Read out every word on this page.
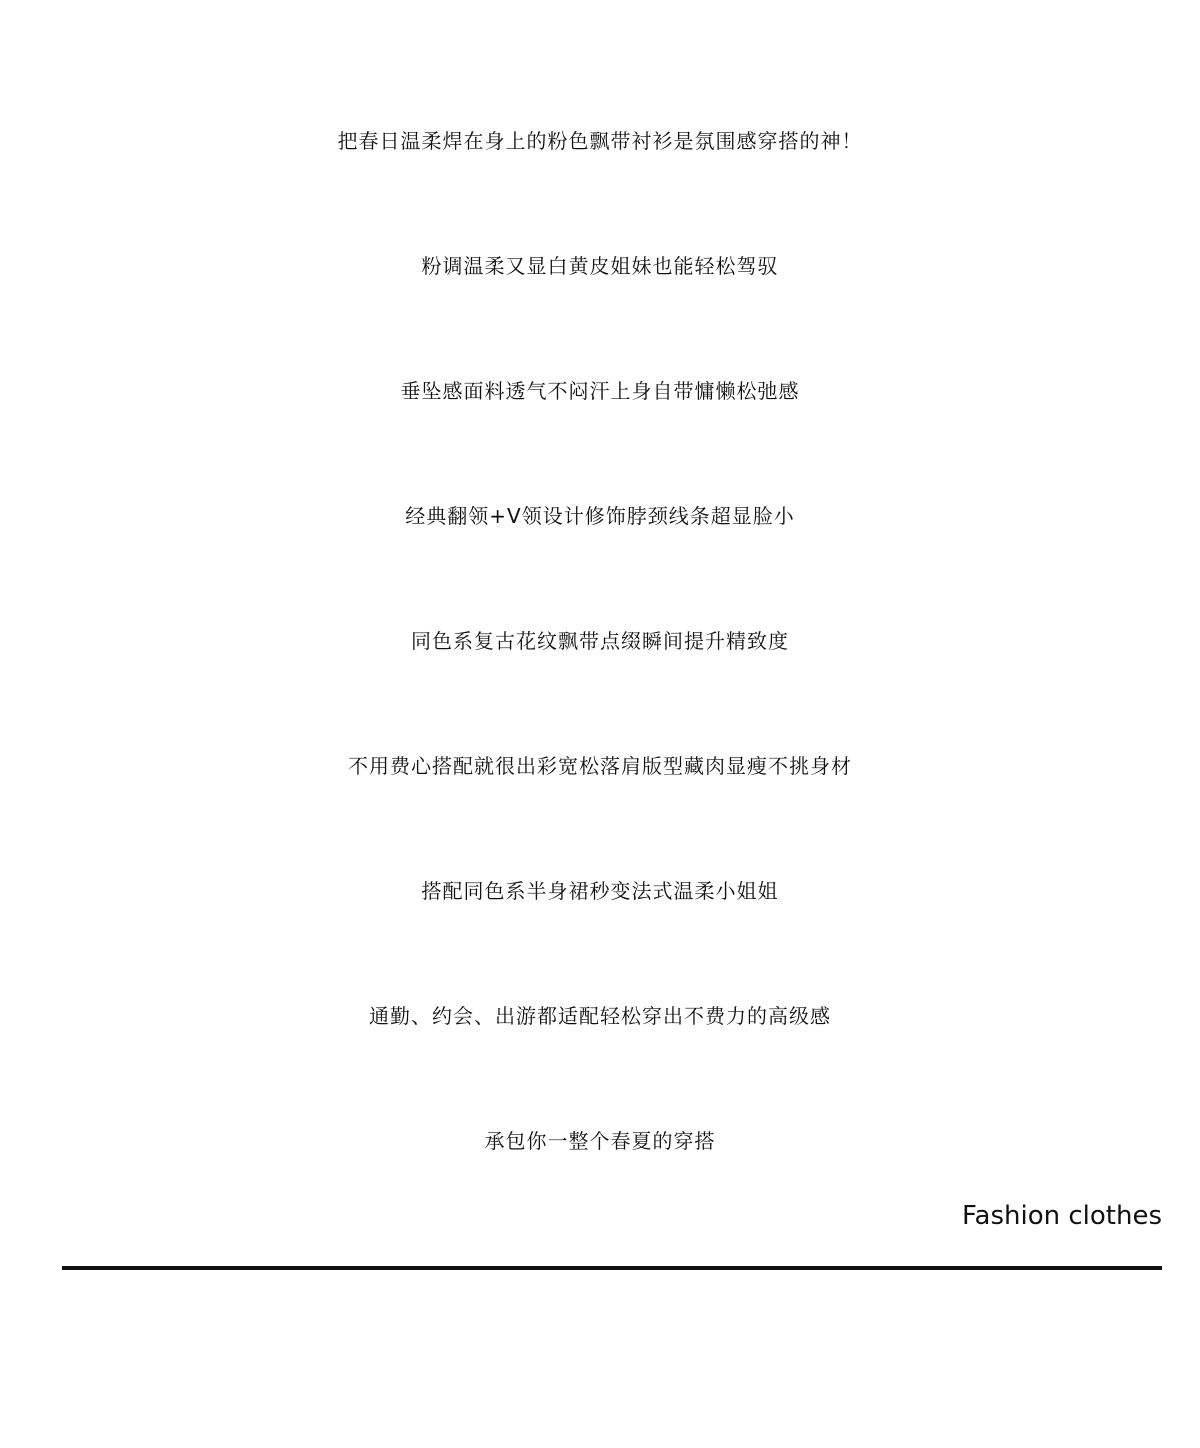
把春日温柔焊在身上的粉色飘带衬衫是氛围感穿搭的神！
粉调温柔又显白黄皮姐妹也能轻松驾驭
垂坠感面料透气不闷汗上身自带慵懒松弛感
经典翻领+V领设计修饰脖颈线条超显脸小
同色系复古花纹飘带点缀瞬间提升精致度
不用费心搭配就很出彩宽松落肩版型藏肉显瘦不挑身材
搭配同色系半身裙秒变法式温柔小姐姐
通勤、约会、出游都适配轻松穿出不费力的高级感
承包你一整个春夏的穿搭
Fashion clothes
